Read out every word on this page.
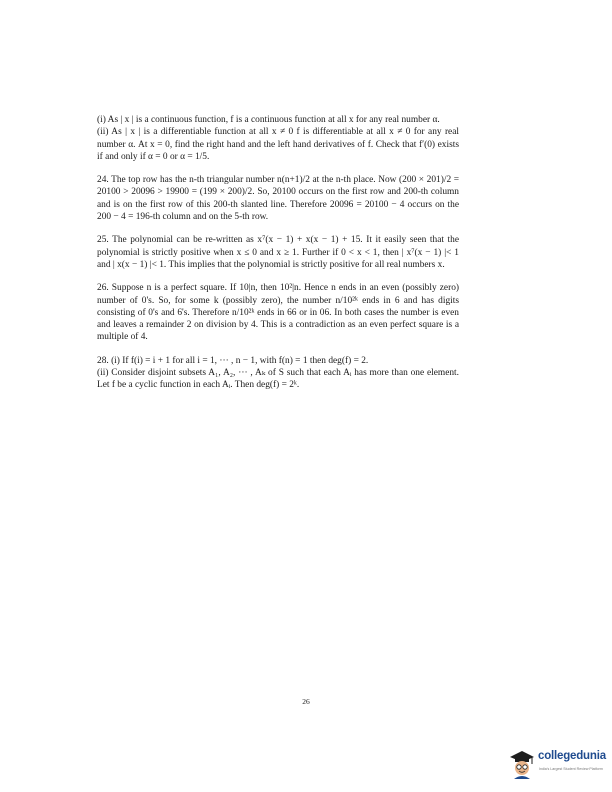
(i) As | x | is a continuous function, f is a continuous function at all x for any real number α.

(ii) As | x | is a differentiable function at all x ≠ 0 f is differentiable at all x ≠ 0 for any real number α. At x = 0, find the right hand and the left hand derivatives of f. Check that f′(0) exists if and only if α = 0 or α = 1/5.

24. The top row has the n-th triangular number n(n+1)/2 at the n-th place. Now (200 × 201)/2 = 20100 > 20096 > 19900 = (199 × 200)/2. So, 20100 occurs on the first row and 200-th column and is on the first row of this 200-th slanted line. Therefore 20096 = 20100 − 4 occurs on the 200 − 4 = 196-th column and on the 5-th row.

25. The polynomial can be re-written as x⁷(x − 1) + x(x − 1) + 15. It it easily seen that the polynomial is strictly positive when x ≤ 0 and x ≥ 1. Further if 0 < x < 1, then | x⁷(x − 1) |< 1 and | x(x − 1) |< 1. This implies that the polynomial is strictly positive for all real numbers x.

26. Suppose n is a perfect square. If 10|n, then 10²|n. Hence n ends in an even (possibly zero) number of 0's. So, for some k (possibly zero), the number n/10²ᵏ ends in 6 and has digits consisting of 0's and 6's. Therefore n/10²ᵏ ends in 66 or in 06. In both cases the number is even and leaves a remainder 2 on division by 4. This is a contradiction as an even perfect square is a multiple of 4.

28. (i) If f(i) = i + 1 for all i = 1, ··· , n − 1, with f(n) = 1 then deg(f) = 2.

(ii) Consider disjoint subsets A₁, A₂, ··· , Aₖ of S such that each Aᵢ has more than one element. Let f be a cyclic function in each Aᵢ. Then deg(f) = 2ᵏ.

26
collegedunia
India's Largest Student Review Platform
